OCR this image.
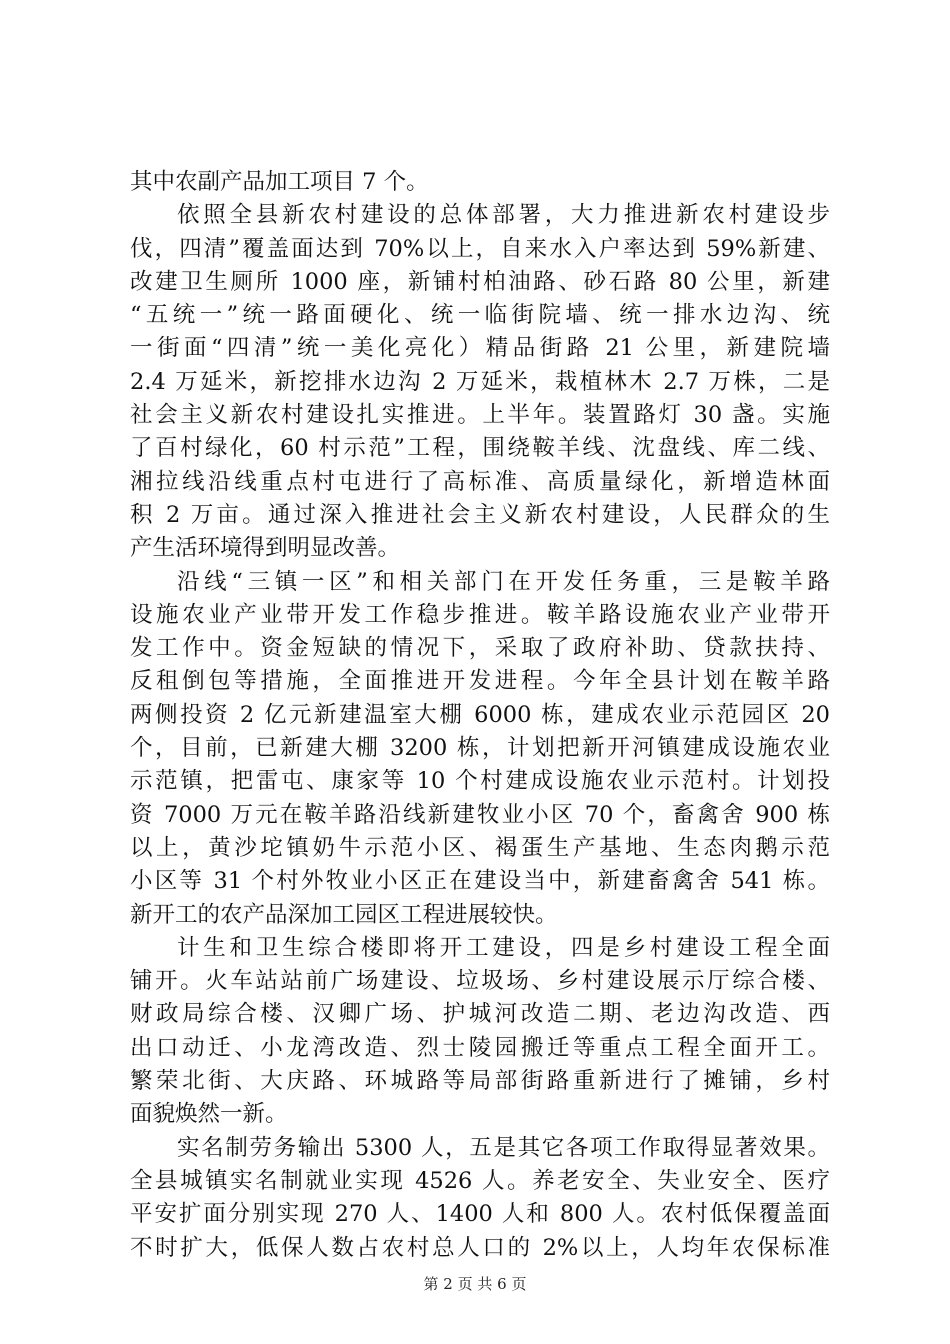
其中农副产品加工项目 7 个。
依照全县新农村建设的总体部署，大力推进新农村建设步
伐，四清”覆盖面达到 70%以上，自来水入户率达到 59%新建、
改建卫生厕所 1000 座，新铺村柏油路、砂石路 80 公里，新建
“五统一”统一路面硬化、统一临街院墙、统一排水边沟、统
一街面“四清”统一美化亮化）精品街路 21 公里，新建院墙
2.4 万延米，新挖排水边沟 2 万延米，栽植林木 2.7 万株，二是
社会主义新农村建设扎实推进。上半年。装置路灯 30 盏。实施
了百村绿化，60 村示范”工程，围绕鞍羊线、沈盘线、库二线、
湘拉线沿线重点村屯进行了高标准、高质量绿化，新增造林面
积 2 万亩。通过深入推进社会主义新农村建设，人民群众的生
产生活环境得到明显改善。
沿线“三镇一区”和相关部门在开发任务重，三是鞍羊路
设施农业产业带开发工作稳步推进。鞍羊路设施农业产业带开
发工作中。资金短缺的情况下，采取了政府补助、贷款扶持、
反租倒包等措施，全面推进开发进程。今年全县计划在鞍羊路
两侧投资 2 亿元新建温室大棚 6000 栋，建成农业示范园区 20
个，目前，已新建大棚 3200 栋，计划把新开河镇建成设施农业
示范镇，把雷屯、康家等 10 个村建成设施农业示范村。计划投
资 7000 万元在鞍羊路沿线新建牧业小区 70 个，畜禽舍 900 栋
以上，黄沙坨镇奶牛示范小区、褐蛋生产基地、生态肉鹅示范
小区等 31 个村外牧业小区正在建设当中，新建畜禽舍 541 栋。
新开工的农产品深加工园区工程进展较快。
计生和卫生综合楼即将开工建设，四是乡村建设工程全面
铺开。火车站站前广场建设、垃圾场、乡村建设展示厅综合楼、
财政局综合楼、汉卿广场、护城河改造二期、老边沟改造、西
出口动迁、小龙湾改造、烈士陵园搬迁等重点工程全面开工。
繁荣北街、大庆路、环城路等局部街路重新进行了摊铺，乡村
面貌焕然一新。
实名制劳务输出 5300 人，五是其它各项工作取得显著效果。
全县城镇实名制就业实现 4526 人。养老安全、失业安全、医疗
平安扩面分别实现 270 人、1400 人和 800 人。农村低保覆盖面
不时扩大，低保人数占农村总人口的 2%以上，人均年农保标准
第 2 页 共 6 页
